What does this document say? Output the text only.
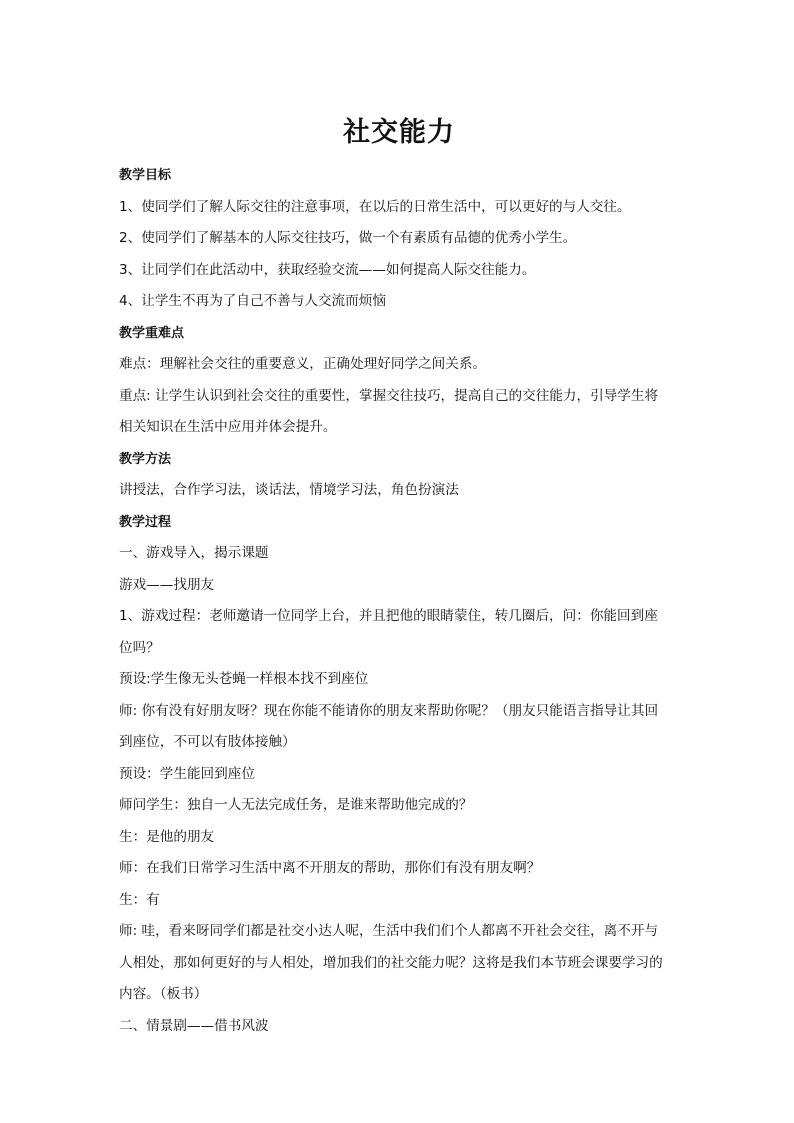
社交能力
教学目标
1、使同学们了解人际交往的注意事项，在以后的日常生活中，可以更好的与人交往。
2、使同学们了解基本的人际交往技巧，做一个有素质有品德的优秀小学生。
3、让同学们在此活动中，获取经验交流——如何提高人际交往能力。
4、让学生不再为了自己不善与人交流而烦恼
教学重难点
难点：理解社会交往的重要意义，正确处理好同学之间关系。
重点: 让学生认识到社会交往的重要性，掌握交往技巧，提高自己的交往能力，引导学生将
相关知识在生活中应用并体会提升。
教学方法
讲授法，合作学习法，谈话法，情境学习法，角色扮演法
教学过程
一、游戏导入，揭示课题
游戏——找朋友
1、游戏过程：老师邀请一位同学上台，并且把他的眼睛蒙住，转几圈后，问：你能回到座
位吗？
预设:学生像无头苍蝇一样根本找不到座位
师: 你有没有好朋友呀？现在你能不能请你的朋友来帮助你呢？（朋友只能语言指导让其回
到座位，不可以有肢体接触）
预设：学生能回到座位
师问学生：独自一人无法完成任务，是谁来帮助他完成的？
生：是他的朋友
师：在我们日常学习生活中离不开朋友的帮助，那你们有没有朋友啊？
生：有
师: 哇，看来呀同学们都是社交小达人呢，生活中我们们个人都离不开社会交往，离不开与
人相处，那如何更好的与人相处，增加我们的社交能力呢？这将是我们本节班会课要学习的
内容。（板书）
二、情景剧——借书风波
